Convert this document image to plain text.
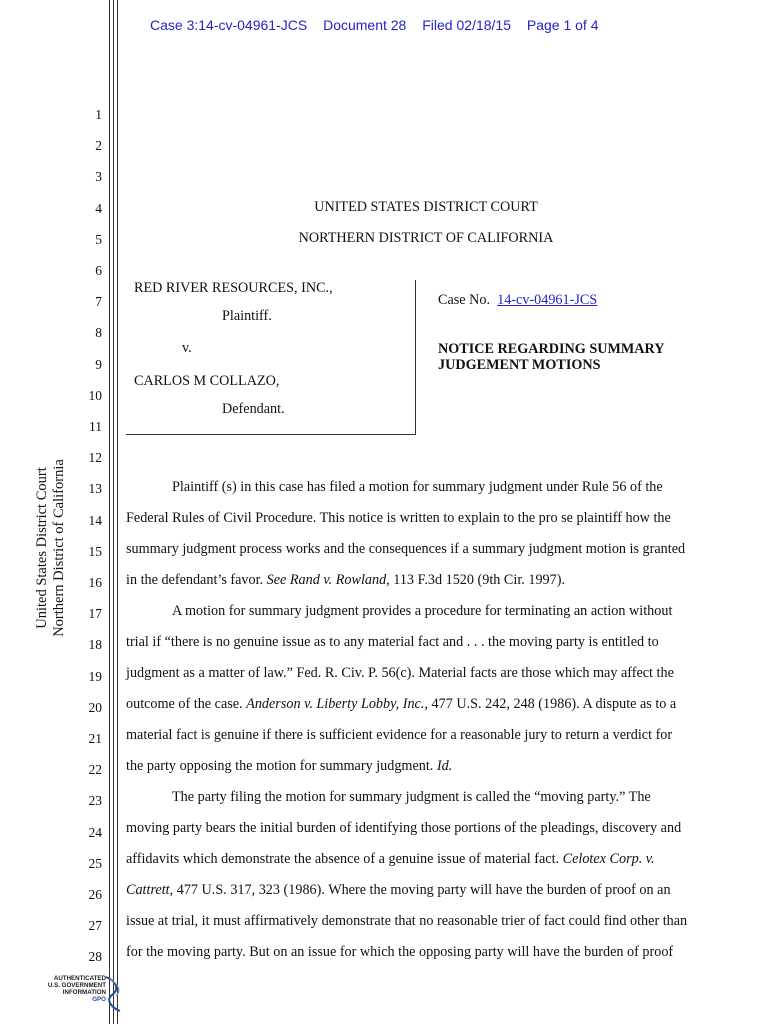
Case 3:14-cv-04961-JCS Document 28 Filed 02/18/15 Page 1 of 4
1
2
3
4
5
6
7
8
9
10
11
12
13
14
15
16
17
18
19
20
21
22
23
24
25
26
27
28
United States District Court Northern District of California
UNITED STATES DISTRICT COURT
NORTHERN DISTRICT OF CALIFORNIA
RED RIVER RESOURCES, INC.,
Plaintiff.
v.
CARLOS M COLLAZO,
Defendant.
Case No. 14-cv-04961-JCS
NOTICE REGARDING SUMMARY
JUDGEMENT MOTIONS
Plaintiff (s) in this case has filed a motion for summary judgment under Rule 56 of the
Federal Rules of Civil Procedure. This notice is written to explain to the pro se plaintiff how the
summary judgment process works and the consequences if a summary judgment motion is granted
in the defendant’s favor. See Rand v. Rowland, 113 F.3d 1520 (9th Cir. 1997).
A motion for summary judgment provides a procedure for terminating an action without
trial if “there is no genuine issue as to any material fact and . . . the moving party is entitled to
judgment as a matter of law.” Fed. R. Civ. P. 56(c). Material facts are those which may affect the
outcome of the case. Anderson v. Liberty Lobby, Inc., 477 U.S. 242, 248 (1986). A dispute as to a
material fact is genuine if there is sufficient evidence for a reasonable jury to return a verdict for
the party opposing the motion for summary judgment. Id.
The party filing the motion for summary judgment is called the “moving party.” The
moving party bears the initial burden of identifying those portions of the pleadings, discovery and
affidavits which demonstrate the absence of a genuine issue of material fact. Celotex Corp. v.
Cattrett, 477 U.S. 317, 323 (1986). Where the moving party will have the burden of proof on an
issue at trial, it must affirmatively demonstrate that no reasonable trier of fact could find other than
for the moving party. But on an issue for which the opposing party will have the burden of proof
AUTHENTICATED
U.S. GOVERNMENT
INFORMATION
GPO
